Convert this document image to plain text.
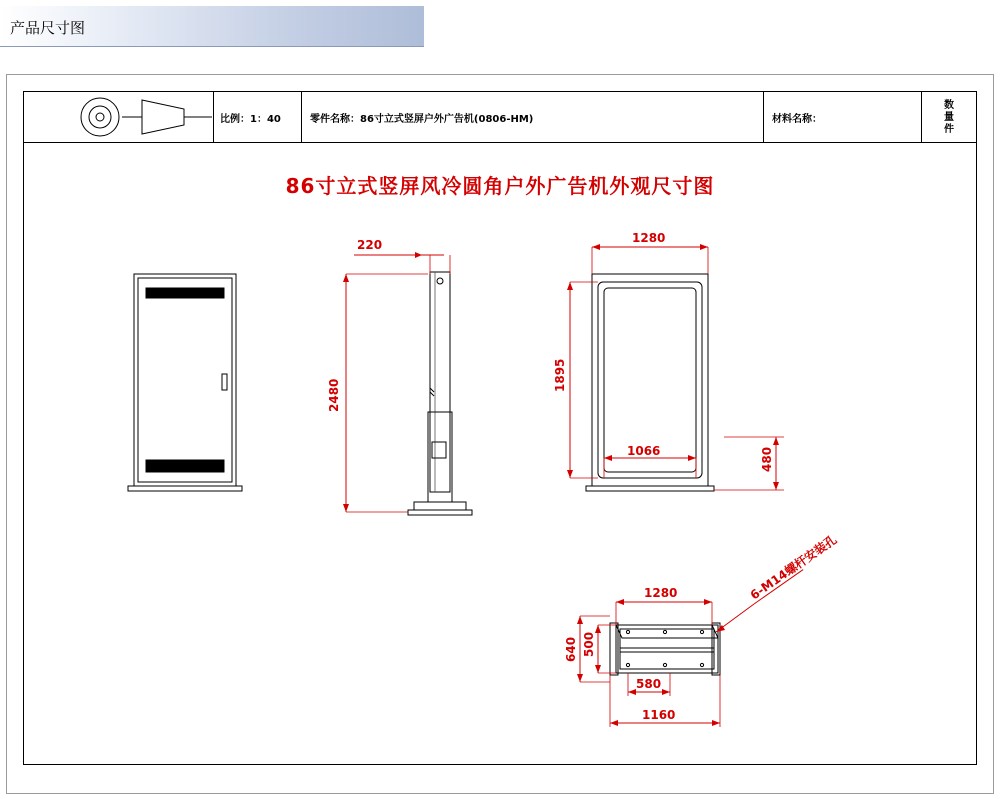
产品尺寸图
比例：1：40	零件名称：86寸立式竖屏户外广告机(0806-HM)	材料名称：
数量件
86寸立式竖屏风冷圆角户外广告机外观尺寸图
220
2480
1280
1895
1066	480
1280
640 500
580
1160
6-M14螺杆安装孔
